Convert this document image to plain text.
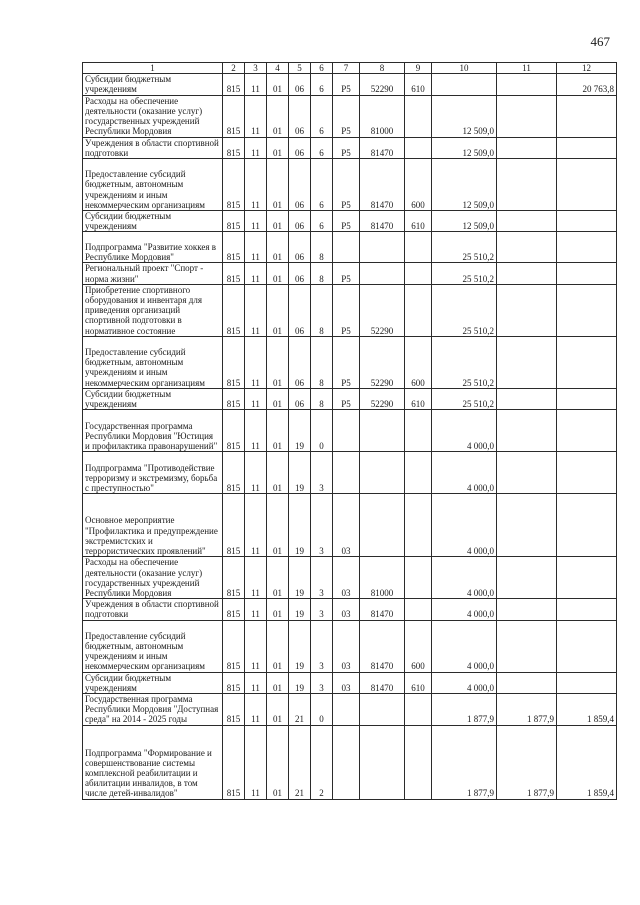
467
1	2	3	4	5	6	7	8	9	10	11	12
Субсидии бюджетным учреждениям	815	11	01	06	6	Р5	52290	610			20 763,8
Расходы на обеспечение деятельности (оказание услуг) государственных учреждений Республики Мордовия	815	11	01	06	6	Р5	81000		12 509,0		
Учреждения в области спортивной подготовки	815	11	01	06	6	Р5	81470		12 509,0		
Предоставление субсидий бюджетным, автономным учреждениям и иным некоммерческим организациям	815	11	01	06	6	Р5	81470	600	12 509,0		
Субсидии бюджетным учреждениям	815	11	01	06	6	Р5	81470	610	12 509,0		
Подпрограмма "Развитие хоккея в Республике Мордовия"	815	11	01	06	8				25 510,2		
Региональный проект "Спорт - норма жизни"	815	11	01	06	8	Р5			25 510,2		
Приобретение спортивного оборудования и инвентаря для приведения организаций спортивной подготовки в нормативное состояние	815	11	01	06	8	Р5	52290		25 510,2		
Предоставление субсидий бюджетным, автономным учреждениям и иным некоммерческим организациям	815	11	01	06	8	Р5	52290	600	25 510,2		
Субсидии бюджетным учреждениям	815	11	01	06	8	Р5	52290	610	25 510,2		
Государственная программа Республики Мордовия "Юстиция и профилактика правонарушений"	815	11	01	19	0				4 000,0		
Подпрограмма "Противодействие терроризму и экстремизму, борьба с преступностью"	815	11	01	19	3				4 000,0		
Основное мероприятие "Профилактика и предупреждение экстремистских и террористических проявлений"	815	11	01	19	3	03			4 000,0		
Расходы на обеспечение деятельности (оказание услуг) государственных учреждений Республики Мордовия	815	11	01	19	3	03	81000		4 000,0		
Учреждения в области спортивной подготовки	815	11	01	19	3	03	81470		4 000,0		
Предоставление субсидий бюджетным, автономным учреждениям и иным некоммерческим организациям	815	11	01	19	3	03	81470	600	4 000,0		
Субсидии бюджетным учреждениям	815	11	01	19	3	03	81470	610	4 000,0		
Государственная программа Республики Мордовия "Доступная среда" на 2014 - 2025 годы	815	11	01	21	0				1 877,9	1 877,9	1 859,4
Подпрограмма "Формирование и совершенствование системы комплексной реабилитации и абилитации инвалидов, в том числе детей-инвалидов"	815	11	01	21	2				1 877,9	1 877,9	1 859,4
